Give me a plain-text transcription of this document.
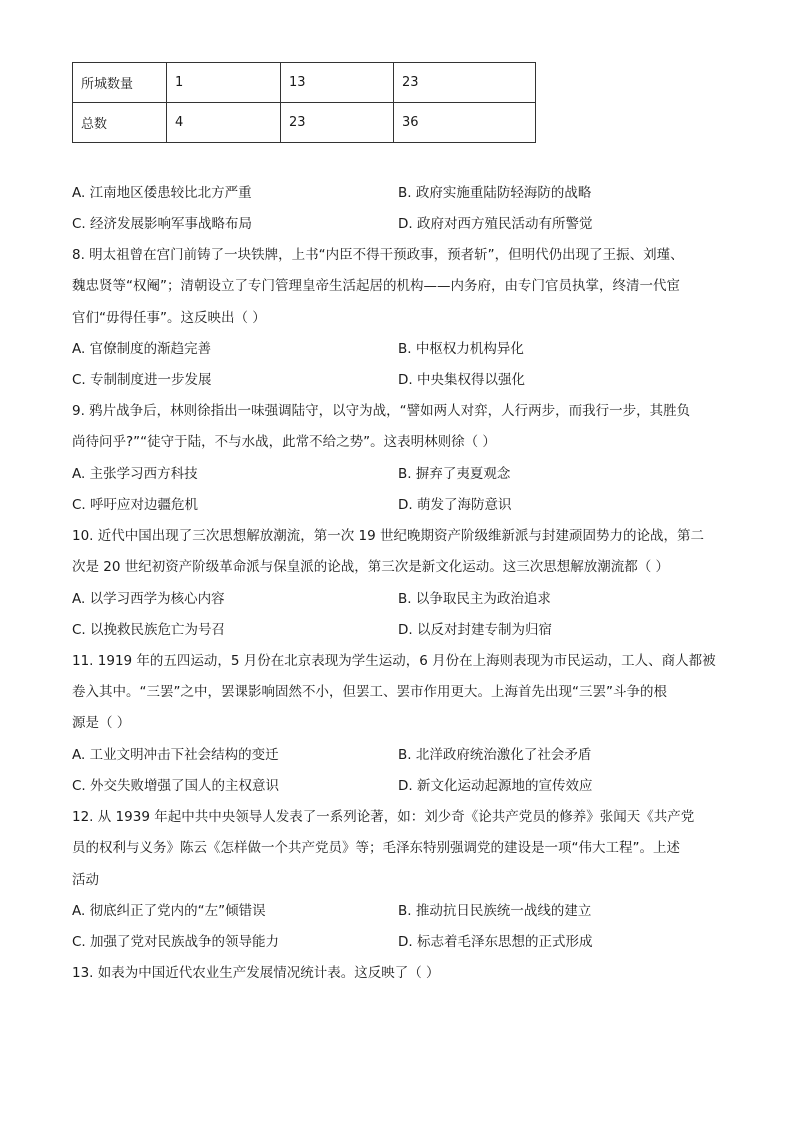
所城数量	1	13	23
总数	4	23	36
A. 江南地区倭患较比北方严重	B. 政府实施重陆防轻海防的战略
C. 经济发展影响军事战略布局	D. 政府对西方殖民活动有所警觉
8. 明太祖曾在宫门前铸了一块铁牌，上书“内臣不得干预政事，预者斩”，但明代仍出现了王振、刘瑾、
魏忠贤等“权阉”；清朝设立了专门管理皇帝生活起居的机构——内务府，由专门官员执掌，终清一代宦
官们“毋得任事”。这反映出（ ）
A. 官僚制度的渐趋完善	B. 中枢权力机构异化
C. 专制制度进一步发展	D. 中央集权得以强化
9. 鸦片战争后，林则徐指出一味强调陆守，以守为战，“譬如两人对弈，人行两步，而我行一步，其胜负
尚待问乎?”“徒守于陆，不与水战，此常不给之势”。这表明林则徐（ ）
A. 主张学习西方科技	B. 摒弃了夷夏观念
C. 呼吁应对边疆危机	D. 萌发了海防意识
10. 近代中国出现了三次思想解放潮流，第一次 19 世纪晚期资产阶级维新派与封建顽固势力的论战，第二
次是 20 世纪初资产阶级革命派与保皇派的论战，第三次是新文化运动。这三次思想解放潮流都（ ）
A. 以学习西学为核心内容	B. 以争取民主为政治追求
C. 以挽救民族危亡为号召	D. 以反对封建专制为归宿
11. 1919 年的五四运动，5 月份在北京表现为学生运动，6 月份在上海则表现为市民运动，工人、商人都被
卷入其中。“三罢”之中，罢课影响固然不小，但罢工、罢市作用更大。上海首先出现“三罢”斗争的根
源是（ ）
A. 工业文明冲击下社会结构的变迁	B. 北洋政府统治激化了社会矛盾
C. 外交失败增强了国人的主权意识	D. 新文化运动起源地的宣传效应
12. 从 1939 年起中共中央领导人发表了一系列论著，如：刘少奇《论共产党员的修养》张闻天《共产党
员的权利与义务》陈云《怎样做一个共产党员》等；毛泽东特别强调党的建设是一项“伟大工程”。上述
活动
A. 彻底纠正了党内的“左”倾错误	B. 推动抗日民族统一战线的建立
C. 加强了党对民族战争的领导能力	D. 标志着毛泽东思想的正式形成
13. 如表为中国近代农业生产发展情况统计表。这反映了（ ）
